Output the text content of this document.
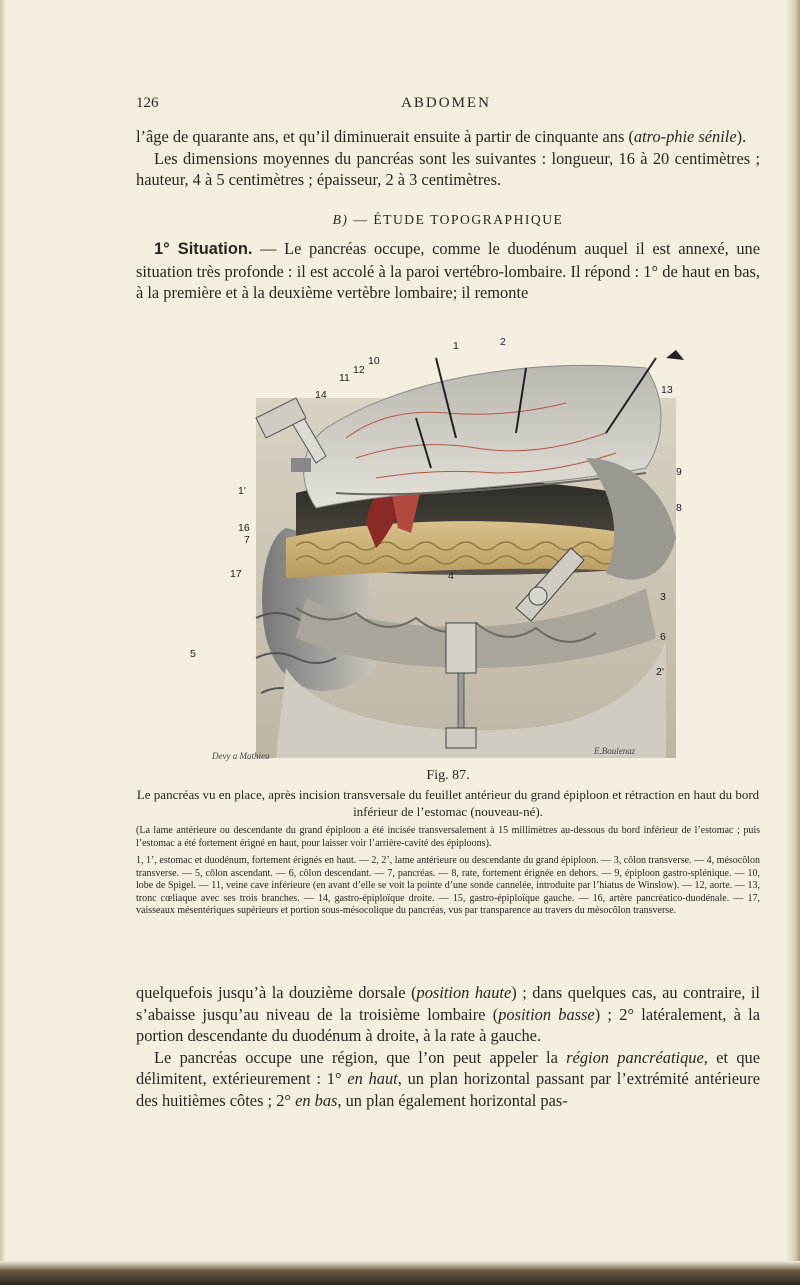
126	ABDOMEN

l’âge de quarante ans, et qu’il diminuerait ensuite à partir de cinquante ans (atro-phie sénile).

Les dimensions moyennes du pancréas sont les suivantes : longueur, 16 à 20 centimètres ; hauteur, 4 à 5 centimètres ; épaisseur, 2 à 3 centimètres.

B) — ÉTUDE TOPOGRAPHIQUE

1° Situation. — Le pancréas occupe, comme le duodénum auquel il est annexé, une situation très profonde : il est accolé à la paroi vertébro-lombaire. Il répond : 1° de haut en bas, à la première et à la deuxième vertèbre lombaire; il remonte

1	2
10
11
12
14	13
9
8
1'
16
7
17	4
3
6
5
2'
Devy a Mathieu	E.Boulenaz

Fig. 87.

Le pancréas vu en place, après incision transversale du feuillet antérieur du grand épiploon et rétraction en haut du bord inférieur de l’estomac (nouveau-né).

(La lame antérieure ou descendante du grand épiploon a été incisée transversalement à 15 millimètres au-dessous du bord inférieur de l’estomac ; puis l’estomac a été fortement érigné en haut, pour laisser voir l’arrière-cavité des épiploons).

1, 1’, estomac et duodénum, fortement érignés en haut. — 2, 2’, lame antérieure ou descendante du grand épiploon. — 3, côlon transverse. — 4, mésocôlon transverse. — 5, côlon ascendant. — 6, côlon descendant. — 7, pancréas. — 8, rate, fortement érignée en dehors. — 9, épiploon gastro-splénique. — 10, lobe de Spigel. — 11, veine cave inférieure (en avant d’elle se voit la pointe d’une sonde cannelée, introduite par l’hiatus de Winslow). — 12, aorte. — 13, tronc cœliaque avec ses trois branches. — 14, gastro-épiploïque droite. — 15, gastro-épiploïque gauche. — 16, artère pancréatico-duodénale. — 17, vaisseaux mésentériques supérieurs et portion sous-mésocolique du pancréas, vus par transparence au travers du mésocôlon transverse.

quelquefois jusqu’à la douzième dorsale (position haute) ; dans quelques cas, au contraire, il s’abaisse jusqu’au niveau de la troisième lombaire (position basse) ; 2° latéralement, à la portion descendante du duodénum à droite, à la rate à gauche.

Le pancréas occupe une région, que l’on peut appeler la région pancréatique, et que délimitent, extérieurement : 1° en haut, un plan horizontal passant par l’extrémité antérieure des huitièmes côtes ; 2° en bas, un plan également horizontal pas-
